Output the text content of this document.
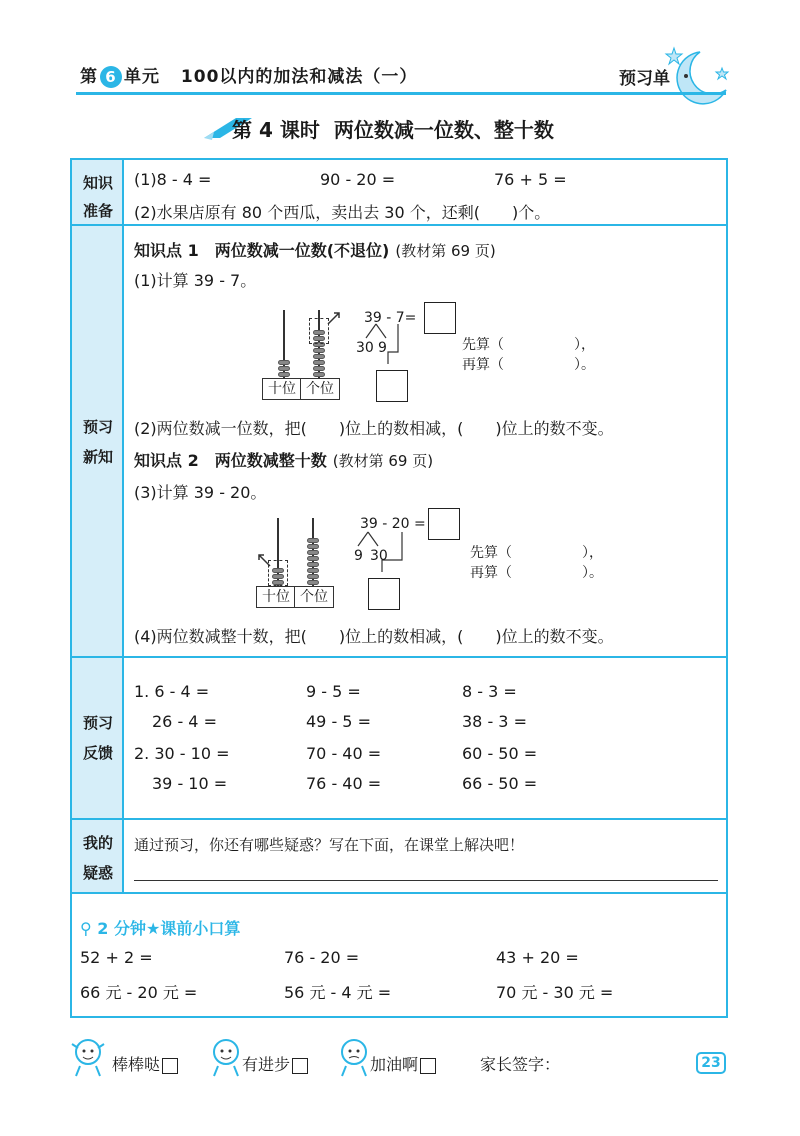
第 6 单元 100以内的加法和减法（一）	预习单
第 4 课时 两位数减一位数、整十数
知识
准备
预习
新知
预习
反馈
我的
疑惑
(1)8 - 4 =	90 - 20 =	76 + 5 =
(2)水果店原有 80 个西瓜，卖出去 30 个，还剩(　　)个。
知识点 1　两位数减一位数(不退位) (教材第 69 页)
(1)计算 39 - 7。
十位 个位
39 - 7=
30 9	先算（　　　　　），
再算（　　　　　）。
(2)两位数减一位数，把(　　)位上的数相减，(　　)位上的数不变。
知识点 2　两位数减整十数 (教材第 69 页)
(3)计算 39 - 20。
十位 个位
39 - 20 =
9 30	先算（　　　　　），
再算（　　　　　）。
(4)两位数减整十数，把(　　)位上的数相减，(　　)位上的数不变。
1. 6 - 4 =	9 - 5 =	8 - 3 =
26 - 4 =	49 - 5 =	38 - 3 =
2. 30 - 10 =	70 - 40 =	60 - 50 =
39 - 10 =	76 - 40 =	66 - 50 =
通过预习，你还有哪些疑惑？写在下面，在课堂上解决吧！
⚲ 2 分钟★课前小口算
52 + 2 =	76 - 20 =	43 + 20 =
66 元 - 20 元 =	56 元 - 4 元 =	70 元 - 30 元 =
棒棒哒	有进步	加油啊	家长签字：	23
